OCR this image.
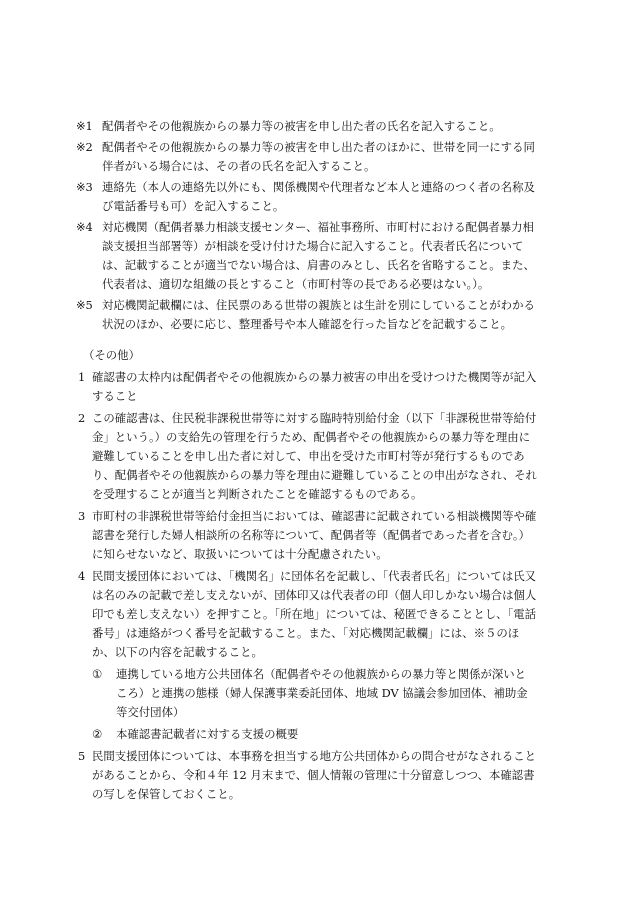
※1 配偶者やその他親族からの暴力等の被害を申し出た者の氏名を記入すること。

※2 配偶者やその他親族からの暴力等の被害を申し出た者のほかに、世帯を同一にする同伴者がいる場合には、その者の氏名を記入すること。

※3 連絡先（本人の連絡先以外にも、関係機関や代理者など本人と連絡のつく者の名称及び電話番号も可）を記入すること。

※4 対応機関（配偶者暴力相談支援センター、福祉事務所、市町村における配偶者暴力相談支援担当部署等）が相談を受け付けた場合に記入すること。代表者氏名については、記載することが適当でない場合は、肩書のみとし、氏名を省略すること。また、代表者は、適切な組織の長とすること（市町村等の長である必要はない。）。

※5 対応機関記載欄には、住民票のある世帯の親族とは生計を別にしていることがわかる状況のほか、必要に応じ、整理番号や本人確認を行った旨などを記載すること。

（その他）
1 確認書の太枠内は配偶者やその他親族からの暴力被害の申出を受けつけた機関等が記入すること

2 この確認書は、住民税非課税世帯等に対する臨時特別給付金（以下「非課税世帯等給付金」という。）の支給先の管理を行うため、配偶者やその他親族からの暴力等を理由に避難していることを申し出た者に対して、申出を受けた市町村等が発行するものであり、配偶者やその他親族からの暴力等を理由に避難していることの申出がなされ、それを受理することが適当と判断されたことを確認するものである。

3 市町村の非課税世帯等給付金担当においては、確認書に記載されている相談機関等や確認書を発行した婦人相談所の名称等について、配偶者等（配偶者であった者を含む。）に知らせないなど、取扱いについては十分配慮されたい。

4 民間支援団体においては、「機関名」に団体名を記載し、「代表者氏名」については氏又は名のみの記載で差し支えないが、団体印又は代表者の印（個人印しかない場合は個人印でも差し支えない）を押すこと。「所在地」については、秘匿できることとし、「電話番号」は連絡がつく番号を記載すること。また、「対応機関記載欄」には、※５のほか、以下の内容を記載すること。

① 連携している地方公共団体名（配偶者やその他親族からの暴力等と関係が深いところ）と連携の態様（婦人保護事業委託団体、地域 DV 協議会参加団体、補助金等交付団体）

② 本確認書記載者に対する支援の概要

5 民間支援団体については、本事務を担当する地方公共団体からの問合せがなされることがあることから、令和４年 12 月末まで、個人情報の管理に十分留意しつつ、本確認書の写しを保管しておくこと。
